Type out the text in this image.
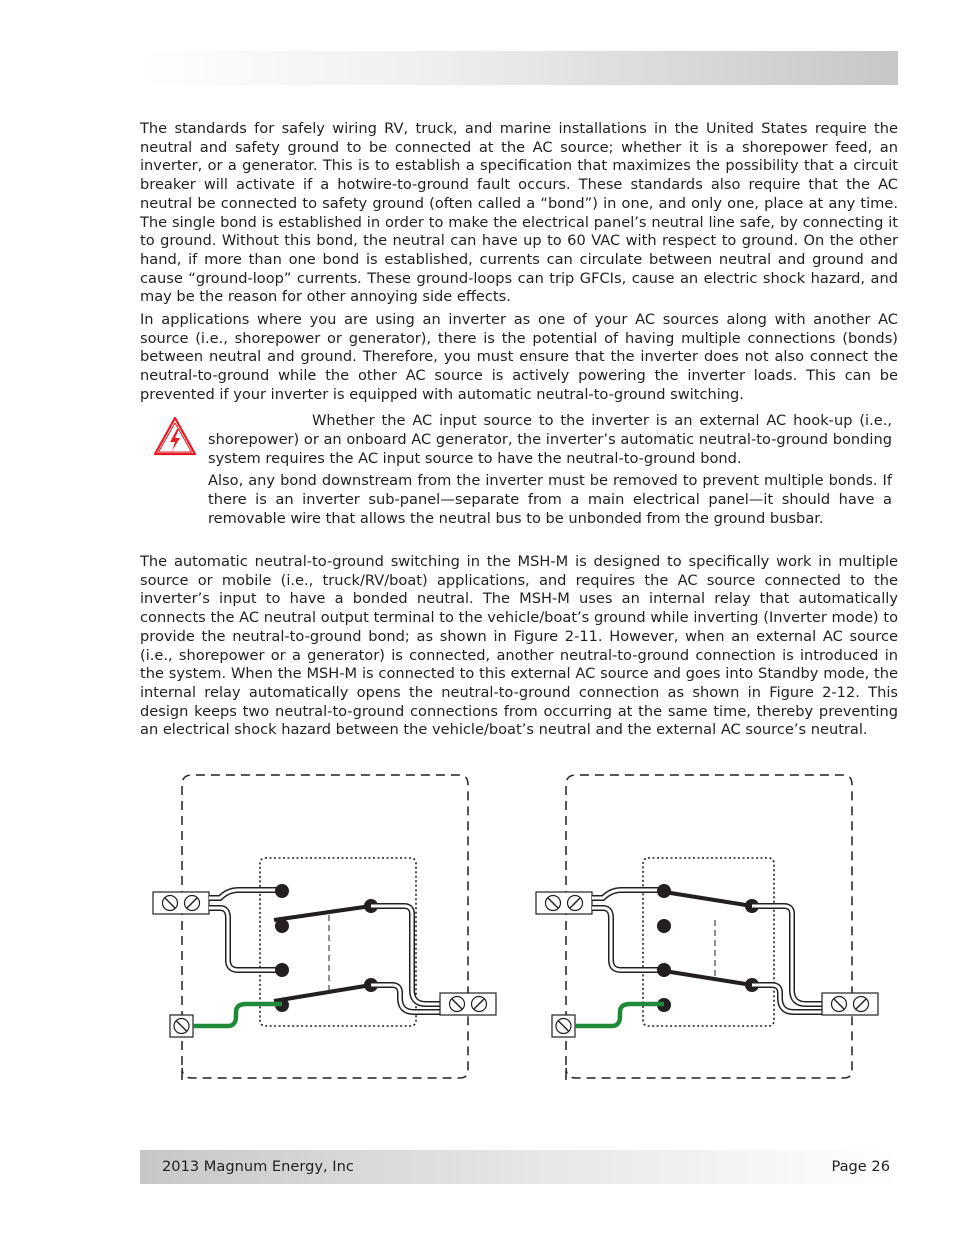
The standards for safely wiring RV, truck, and marine installations in the United States require the neutral and safety ground to be connected at the AC source; whether it is a shorepower feed, an inverter, or a generator. This is to establish a specification that maximizes the possibility that a circuit breaker will activate if a hotwire-to-ground fault occurs. These standards also require that the AC neutral be connected to safety ground (often called a “bond”) in one, and only one, place at any time. The single bond is established in order to make the electrical panel’s neutral line safe, by connecting it to ground. Without this bond, the neutral can have up to 60 VAC with respect to ground. On the other hand, if more than one bond is established, currents can circulate between neutral and ground and cause “ground-loop” currents. These ground-loops can trip GFCIs, cause an electric shock hazard, and may be the reason for other annoying side effects.

In applications where you are using an inverter as one of your AC sources along with another AC source (i.e., shorepower or generator), there is the potential of having multiple connections (bonds) between neutral and ground. Therefore, you must ensure that the inverter does not also connect the neutral-to-ground while the other AC source is actively powering the inverter loads. This can be prevented if your inverter is equipped with automatic neutral-to-ground switching.

Whether the AC input source to the inverter is an external AC hook-up (i.e., shorepower) or an onboard AC generator, the inverter’s automatic neutral-to-ground bonding system requires the AC input source to have the neutral-to-ground bond.

Also, any bond downstream from the inverter must be removed to prevent multiple bonds. If there is an inverter sub-panel—separate from a main electrical panel—it should have a removable wire that allows the neutral bus to be unbonded from the ground busbar.

The automatic neutral-to-ground switching in the MSH-M is designed to specifically work in multiple source or mobile (i.e., truck/RV/boat) applications, and requires the AC source connected to the inverter’s input to have a bonded neutral. The MSH-M uses an internal relay that automatically connects the AC neutral output terminal to the vehicle/boat’s ground while inverting (Inverter mode) to provide the neutral-to-ground bond; as shown in Figure 2-11. However, when an external AC source (i.e., shorepower or a generator) is connected, another neutral-to-ground connection is introduced in the system. When the MSH-M is connected to this external AC source and goes into Standby mode, the internal relay automatically opens the neutral-to-ground connection as shown in Figure 2-12. This design keeps two neutral-to-ground connections from occurring at the same time, thereby preventing an electrical shock hazard between the vehicle/boat’s neutral and the external AC source’s neutral.

2013 Magnum Energy, Inc	Page 26
